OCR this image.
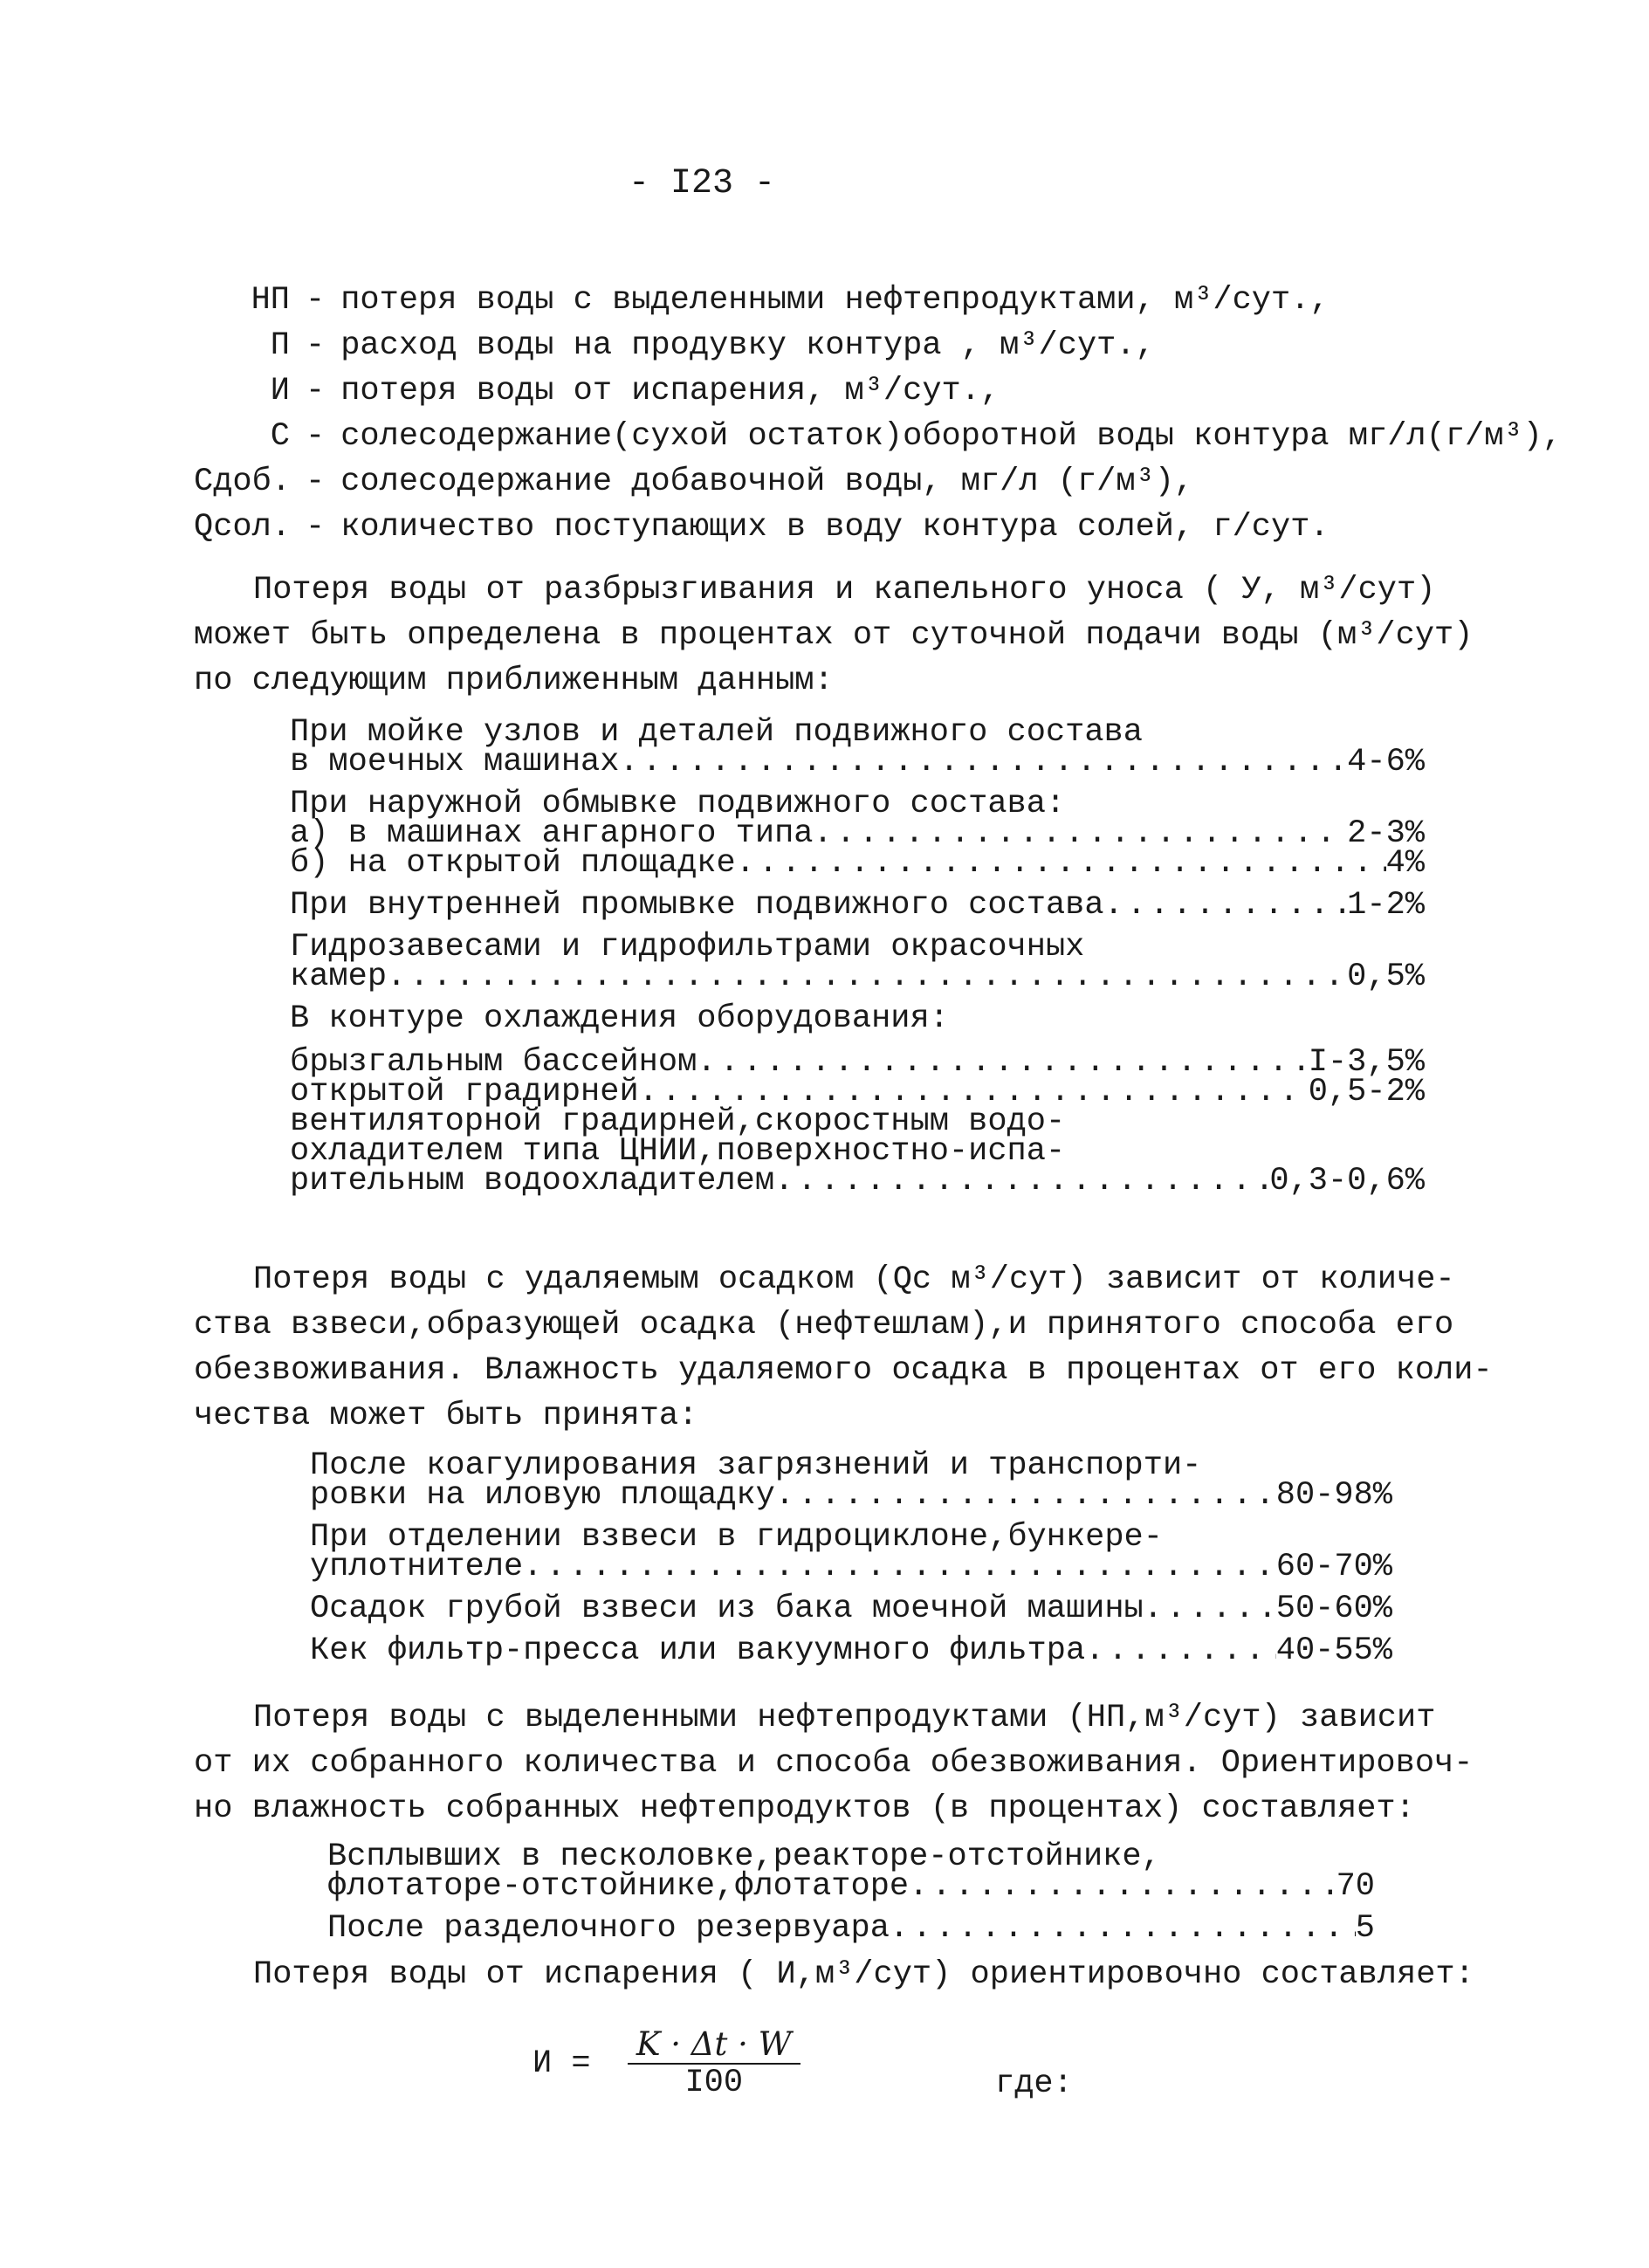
- I23 -
НП - потеря воды с выделенными нефтепродуктами, м³/сут.,
П - расход воды на продувку контура , м³/сут.,
И - потеря воды от испарения, м³/сут.,
С - солесодержание(сухой остаток)оборотной воды контура мг/л(г/м³),
Сдоб. - солесодержание добавочной воды, мг/л (г/м³),
Qсол. - количество поступающих в воду контура солей, г/сут.
Потеря воды от разбрызгивания и капельного уноса ( У, м³/сут)
может быть определена в процентах от суточной подачи воды (м³/сут)
по следующим приближенным данным:
При мойке узлов и деталей подвижного состава
в моечных машинах .....	4-6%
При наружной обмывке подвижного состава:
а) в машинах ангарного типа .....	2-3%
б) на открытой площадке .....	4%
При внутренней промывке подвижного состава .....	1-2%
Гидрозавесами и гидрофильтрами окрасочных
камер .....	0,5%
В контуре охлаждения оборудования:
брызгальным бассейном .....	I-3,5%
открытой градирней .....	0,5-2%
вентиляторной градирней,скоростным водо-
охладителем типа ЦНИИ,поверхностно-испа-
рительным водоохладителем .....	0,3-0,6%
Потеря воды с удаляемым осадком (Qс м³/сут) зависит от количе-
ства взвеси,образующей осадка (нефтешлам),и принятого способа его
обезвоживания. Влажность удаляемого осадка в процентах от его коли-
чества может быть принята:
После коагулирования загрязнений и транспорти-
ровки на иловую площадку .....	80-98%
При отделении взвеси в гидроциклоне,бункере-
уплотнителе .....	60-70%
Осадок грубой взвеси из бака моечной машины .....	50-60%
Кек фильтр-пресса или вакуумного фильтра .....	40-55%
Потеря воды с выделенными нефтепродуктами (НП,м³/сут) зависит
от их собранного количества и способа обезвоживания. Ориентировоч-
но влажность собранных нефтепродуктов (в процентах) составляет:
Всплывших в песколовке,реакторе-отстойнике,
флотаторе-отстойнике,флотаторе .....	70
После разделочного резервуара .....	5
Потеря воды от испарения ( И,м³/сут) ориентировочно составляет:
$И = \frac{K \cdot \Delta t \cdot W}{I00}$	где:
